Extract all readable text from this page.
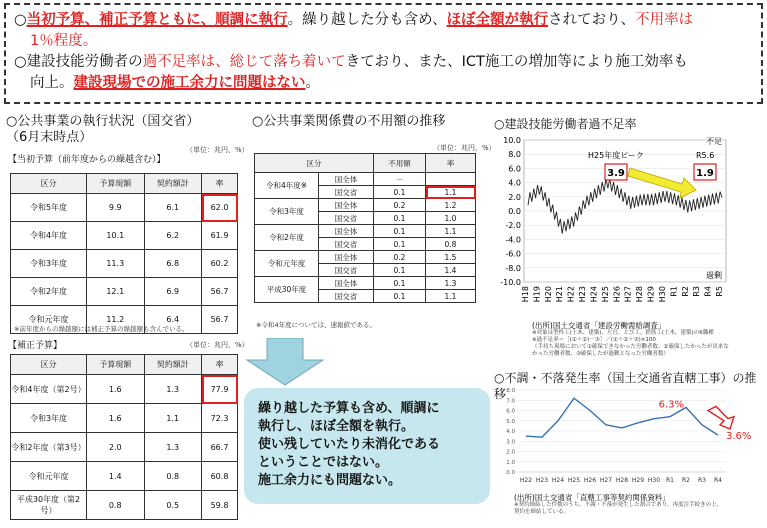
○当初予算、補正予算ともに、順調に執行。繰り越した分も含め、ほぼ全額が執行されており、不用率は
1％程度。
○建設技能労働者の過不足率は、総じて落ち着いてきており、また、ICT施工の増加等により施工効率も
向上。建設現場での施工余力に問題はない。
○公共事業の執行状況（国交省）
（6月末時点）
（単位：兆円，%）
【当初予算（前年度からの繰越含む）】
区分	予算現額	契約額計	率
令和5年度	9.9	6.1	62.0
令和4年度	10.1	6.2	61.9
令和3年度	11.3	6.8	60.2
令和2年度	12.1	6.9	56.7
令和元年度	11.2	6.4	56.7
※前年度からの繰越額には補正予算の繰越額も含んでいる。
（単位：兆円，%）
【補正予算】
区分	予算現額	契約額計	率
令和4年度（第2号）	1.6	1.3	77.9
令和3年度	1.6	1.1	72.3
令和2年度（第3号）	2.0	1.3	66.7
令和元年度	1.4	0.8	60.8
平成30年度（第2号）	0.8	0.5	59.8
○公共事業関係費の不用額の推移
（単位：兆円，%）
区分		不用額	率
令和4年度※	国全体	－	
	国交省	0.1	1.1
令和3年度	国全体	0.2	1.2
	国交省	0.1	1.0
令和2年度	国全体	0.1	1.1
	国交省	0.1	0.8
令和元年度	国全体	0.2	1.5
	国交省	0.1	1.4
平成30年度	国全体	0.1	1.3
	国交省	0.1	1.1
※令和4年度については、速報値である。
繰り越した予算も含め、順調に
執行し、ほぼ全額を執行。
使い残していたり未消化である
ということではない。
施工余力にも問題ない。
○建設技能労働者過不足率
10.0
8.0
6.0
4.0
2.0
0.0
-2.0
-4.0
-6.0
-8.0
-10.0
H18 H19 H20 H21 H22 H23 H24 H25 H26 H27 H28 H29 H30 R1 R2 R3 R4 R5
不足
過剰
H25年度ピーク
3.9
R5.6
1.9
(出所)国土交通省「建設労働需給調査」
※対象は型枠工(土木、建築)、左官、とび工、鉄筋工(土木、建築)の6職種
※過不足率＝［(①＋②)－③］／(①＋②＋③)×100
（手持ち現場において①確保できなかった労働者数、②確保したかったが出来な
かった労働者数、③確保したが過剰となった労働者数）
○不調・不落発生率（国土交通省直轄工事）の推移 8.0
7.0
6.0
5.0
4.0
3.0
2.0
1.0
0.0
H22 H23 H24 H25 H26 H27 H28 H29 H30 R1 R2 R3 R4
6.3%
3.6%
(出所)国土交通省「直轄工事等契約関係資料」
※契約締結した件数のうち、不調・不落が発生した割合であり、再度注手続きの上、
契約を締結している。
